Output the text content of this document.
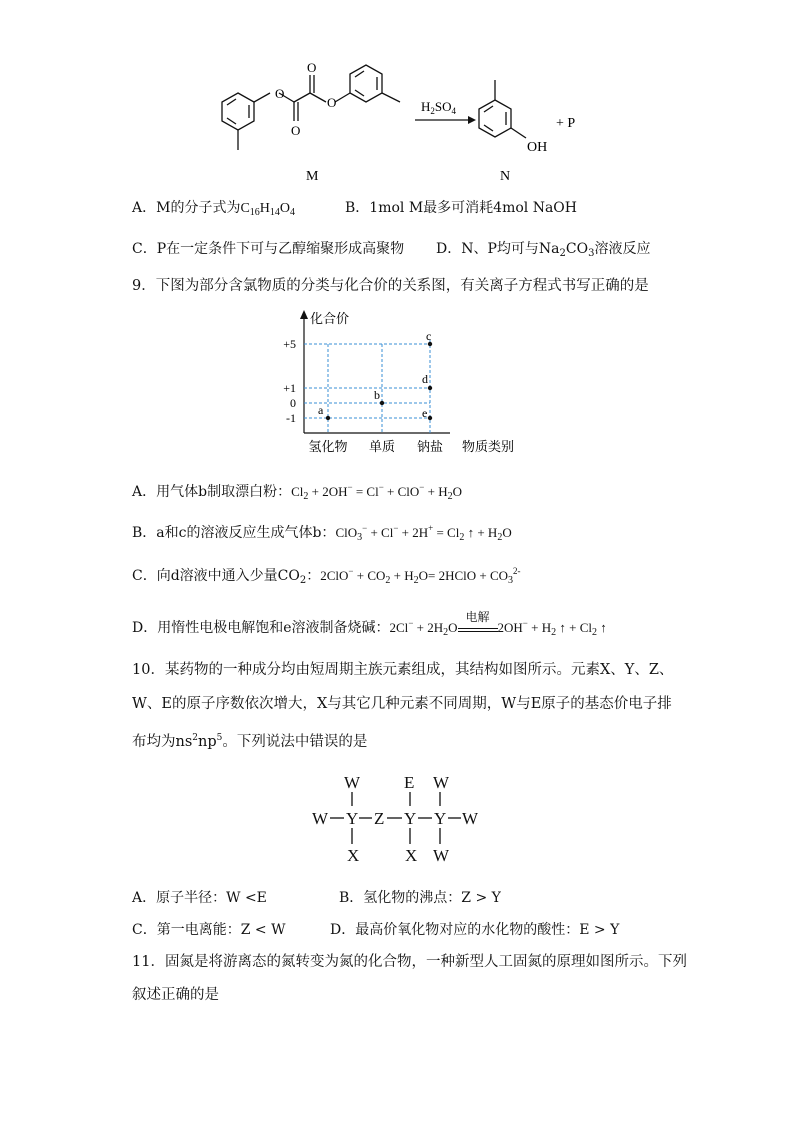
O
O
O
O	$H_2SO_4$
OH
+ P
M	N
A．M的分子式为$C_{16}H_{14}O_4$	B．1mol M最多可消耗4mol NaOH
C．P在一定条件下可与乙醇缩聚形成高聚物 D．N、P均可与$Na_2CO_3$溶液反应
9．下图为部分含氯物质的分类与化合价的关系图，有关离子方程式书写正确的是
化合价
物质类别
+5
+1
0
-1
氢化物 单质 钠盐
a
b
c
d
e
A．用气体b制取漂白粉：$Cl_2 + 2OH^- = Cl^- + ClO^- + H_2O$
B．a和c的溶液反应生成气体b：$ClO_3^- + Cl^- + 2H^+ = Cl_2$ ↑ + $H_2O$
C．向d溶液中通入少量$CO_2$：$2ClO^- + CO_2 + H_2O=$ 2HClO + $CO_3^{2-}$
D．用惰性电极电解饱和e溶液制备烧碱：$2Cl^- + 2H_2O$
电解
$2OH^- + H_2$ ↑ + $Cl_2$ ↑
10．某药物的一种成分均由短周期主族元素组成，其结构如图所示。元素X、Y、Z、
W、E的原子序数依次增大，X与其它几种元素不同周期，W与E原子的基态价电子排
布均为$ns^2np^5$。下列说法中错误的是
W	E W
W Y Z Y Y W
X	X W
A．原子半径：W <E	B．氢化物的沸点：Z > Y
C．第一电离能：Z < W	D．最高价氧化物对应的水化物的酸性：E > Y
11．固氮是将游离态的氮转变为氮的化合物，一种新型人工固氮的原理如图所示。下列
叙述正确的是
